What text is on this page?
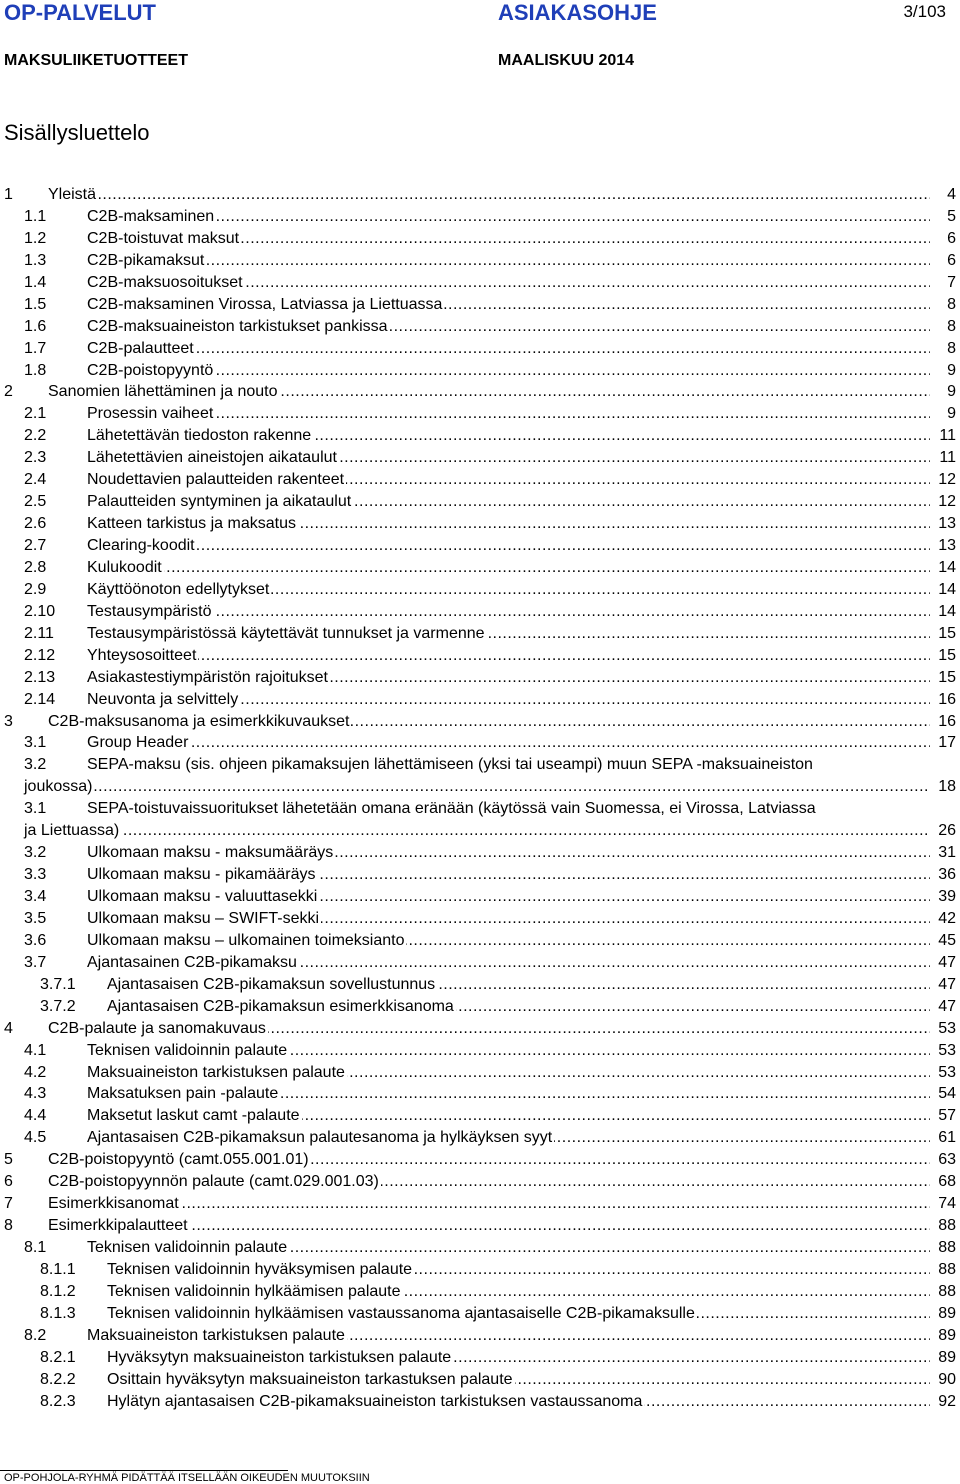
OP-PALVELUT	ASIAKASOHJE	3/103
MAKSULIIKETUOTTEET	MAALISKUU 2014
Sisällysluettelo
1 ..... Yleistä	4
1.1 .....	C2B-maksaminen	5
1.2 .....	C2B-toistuvat maksut	6
1.3 .....	C2B-pikamaksut	6
1.4 .....	C2B-maksuosoitukset	7
1.5 .....	C2B-maksaminen Virossa, Latviassa ja Liettuassa	8
1.6 .....	C2B-maksuaineiston tarkistukset pankissa	8
1.7 .....	C2B-palautteet	8
1.8 .....	C2B-poistopyyntö	9
2 ..... Sanomien lähettäminen ja nouto	9
2.1 .....	Prosessin vaiheet	9
2.2 .....	Lähetettävän tiedoston rakenne	11
2.3 .....	Lähetettävien aineistojen aikataulut	11
2.4 .....	Noudettavien palautteiden rakenteet	12
2.5 .....	Palautteiden syntyminen ja aikataulut	12
2.6 .....	Katteen tarkistus ja maksatus	13
2.7 .....	Clearing-koodit	13
2.8 .....	Kulukoodit	14
2.9 .....	Käyttöönoton edellytykset	14
2.10 ..... Testausympäristö	14
2.11 ..... Testausympäristössä käytettävät tunnukset ja varmenne	15
2.12 ..... Yhteysosoitteet	15
2.13 ..... Asiakastestiympäristön rajoitukset	15
2.14 ..... Neuvonta ja selvittely	16
3 ..... C2B-maksusanoma ja esimerkkikuvaukset	16
3.1 .....	Group Header	17
3.2	SEPA-maksu (sis. ohjeen pikamaksujen lähettämiseen (yksi tai useampi) muun SEPA -maksuaineiston
.....
joukossa)	18
3.1	SEPA-toistuvaissuoritukset lähetetään omana eränään (käytössä vain Suomessa, ei Virossa, Latviassa
.....
ja Liettuassa)	26
3.2 .....	Ulkomaan maksu - maksumääräys	31
3.3 .....	Ulkomaan maksu - pikamääräys	36
3.4 .....	Ulkomaan maksu - valuuttasekki	39
3.5 .....	Ulkomaan maksu – SWIFT-sekki	42
3.6 .....	Ulkomaan maksu – ulkomainen toimeksianto	45
3.7 .....	Ajantasainen C2B-pikamaksu	47
3.7.1 ..... Ajantasaisen C2B-pikamaksun sovellustunnus	47
3.7.2 ..... Ajantasaisen C2B-pikamaksun esimerkkisanoma	47
4 ..... C2B-palaute ja sanomakuvaus	53
4.1 .....	Teknisen validoinnin palaute	53
4.2 .....	Maksuaineiston tarkistuksen palaute	53
4.3 .....	Maksatuksen pain -palaute	54
4.4 .....	Maksetut laskut camt -palaute	57
4.5 .....	Ajantasaisen C2B-pikamaksun palautesanoma ja hylkäyksen syyt	61
5 ..... C2B-poistopyyntö (camt.055.001.01)	63
6 ..... C2B-poistopyynnön palaute (camt.029.001.03)	68
7 ..... Esimerkkisanomat	74
8 ..... Esimerkkipalautteet	88
8.1 .....	Teknisen validoinnin palaute	88
8.1.1 ..... Teknisen validoinnin hyväksymisen palaute	88
8.1.2 ..... Teknisen validoinnin hylkäämisen palaute	88
8.1.3 ..... Teknisen validoinnin hylkäämisen vastaussanoma ajantasaiselle C2B-pikamaksulle	89
8.2 .....	Maksuaineiston tarkistuksen palaute	89
8.2.1 ..... Hyväksytyn maksuaineiston tarkistuksen palaute	89
8.2.2 ..... Osittain hyväksytyn maksuaineiston tarkastuksen palaute	90
8.2.3 ..... Hylätyn ajantasaisen C2B-pikamaksuaineiston tarkistuksen vastaussanoma	92
OP-POHJOLA-RYHMÄ PIDÄTTÄÄ ITSELLÄÄN OIKEUDEN MUUTOKSIIN
